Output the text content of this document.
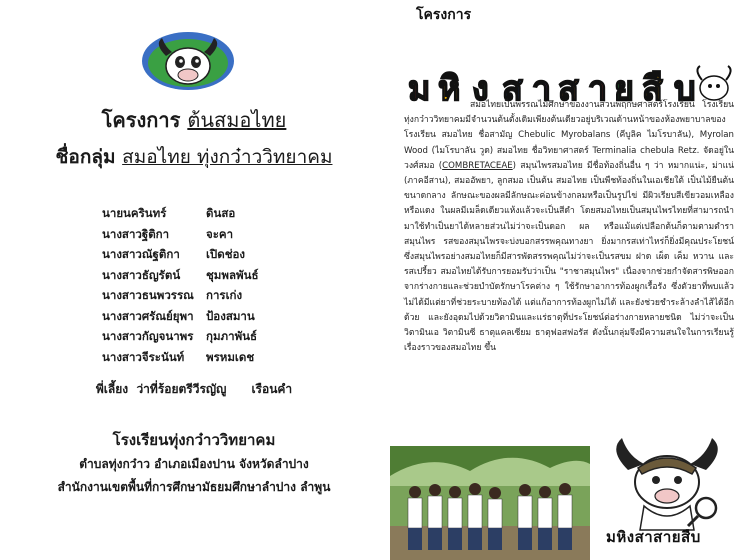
โครงการ ต้นสมอไทย
ชื่อกลุ่ม สมอไทย ทุ่งกว๋าววิทยาคม
นายนครินทร์	ดินสอ
นางสาวฐิติกา	จะคา
นางสาวณัฐติกา	เปิดช่อง
นางสาวธัญรัตน์	ชุมพลพันธ์
นางสาวธนพวรรณ	การเก่ง
นางสาวศรัณย์ยุพา	ป้องสมาน
นางสาวกัญจนาพร	กุมภาพันธ์
นางสาวจีระนันท์	พรหมเดช
พี่เลี้ยง  ว่าที่ร้อยตรีวีรญัญู      เรือนคำ
โรงเรียนทุ่งกว๋าววิทยาคม
ตำบลทุ่งกว๋าว อำเภอเมืองปาน จังหวัดลำปาง
สำนักงานเขตพื้นที่การศึกษามัธยมศึกษาลำปาง ลำพูน
ม หิ ง ส า ส า ย สื บ
โครงการ

สมอไทยเป็นพรรณไม้ศึกษาของงานสวนพฤกษศาสตร์โรงเรียน โรงเรียนทุ่งกว๋าววิทยาคมมีจำนวนต้นตั้งเดิมเพียงต้นเดียวอยู่บริเวณด้านหน้าของห้องพยาบาลของโรงเรียน สมอไทย ชื่อสามัญ Chebulic Myrobalans (คีบูลิค ไมโรบาลัน), Myrolan Wood (ไมโรบาลัน วูด) สมอไทย ชื่อวิทยาศาสตร์ Terminalia chebula Retz. จัดอยู่ในวงศ์สมอ (COMBRETACEAE) สมุนไพรสมอไทย มีชื่อท้องถิ่นอื่น ๆ ว่า หมากแน่ะ, ม่าแน่ (ภาคอีสาน), สมออัพยา, ลูกสมอ เป็นต้น สมอไทย เป็นพืชท้องถิ่นในเอเชียใต้ เป็นไม้ยืนต้นขนาดกลาง ลักษณะของผลมีลักษณะค่อนข้างกลมหรือเป็นรูปไข่ มีผิวเรียบสีเขียวอมเหลืองหรือแดง ในผลมีเมล็ดเดียวแห้งแล้วจะเป็นสีดำ โดยสมอไทยเป็นสมุนไพรไทยที่สามารถนำมาใช้ทำเป็นยาได้หลายส่วนไม่ว่าจะเป็นดอก ผล หรือแม้แต่เปลือกต้นก็ตามตามตำราสมุนไพร รสของสมุนไพรจะบ่งบอกสรรพคุณทางยา ยิ่งมากรสเท่าไหร่ก็ยิ่งมีคุณประโยชน์ ซึ่งสมุนไพรอย่างสมอไทยก็มีสารพัดสรรพคุณไม่ว่าจะเป็นรสขม ฝาด เผ็ด เค็ม หวาน และรสเปรี้ยว สมอไทยได้รับการยอมรับว่าเป็น "ราชาสมุนไพร" เนื่องจากช่วยกำจัดสารพิษออกจากร่างกายและช่วยบำบัดรักษาโรคต่าง ๆ ใช้รักษาอาการท้องผูกเรื้อรัง ซึ่งตัวยาที่พบแล้วไม่ได้มีแต่ยาที่ช่วยระบายท้องได้ แต่แก้อาการท้องผูกไม่ได้ และยังช่วยชำระล้างลำไส้ได้อีกด้วย และยังอุดมไปด้วยวิตามินและแร่ธาตุที่ประโยชน์ต่อร่างกายหลายชนิด ไม่ว่าจะเป็น วิตามินเอ วิตามินซี ธาตุแคลเซียม ธาตุฟอสฟอรัส ดังนั้นกลุ่มจึงมีความสนใจในการเรียนรู้เรื่องราวของสมอไทย ขึ้น

มหิงสาสายสืบ
